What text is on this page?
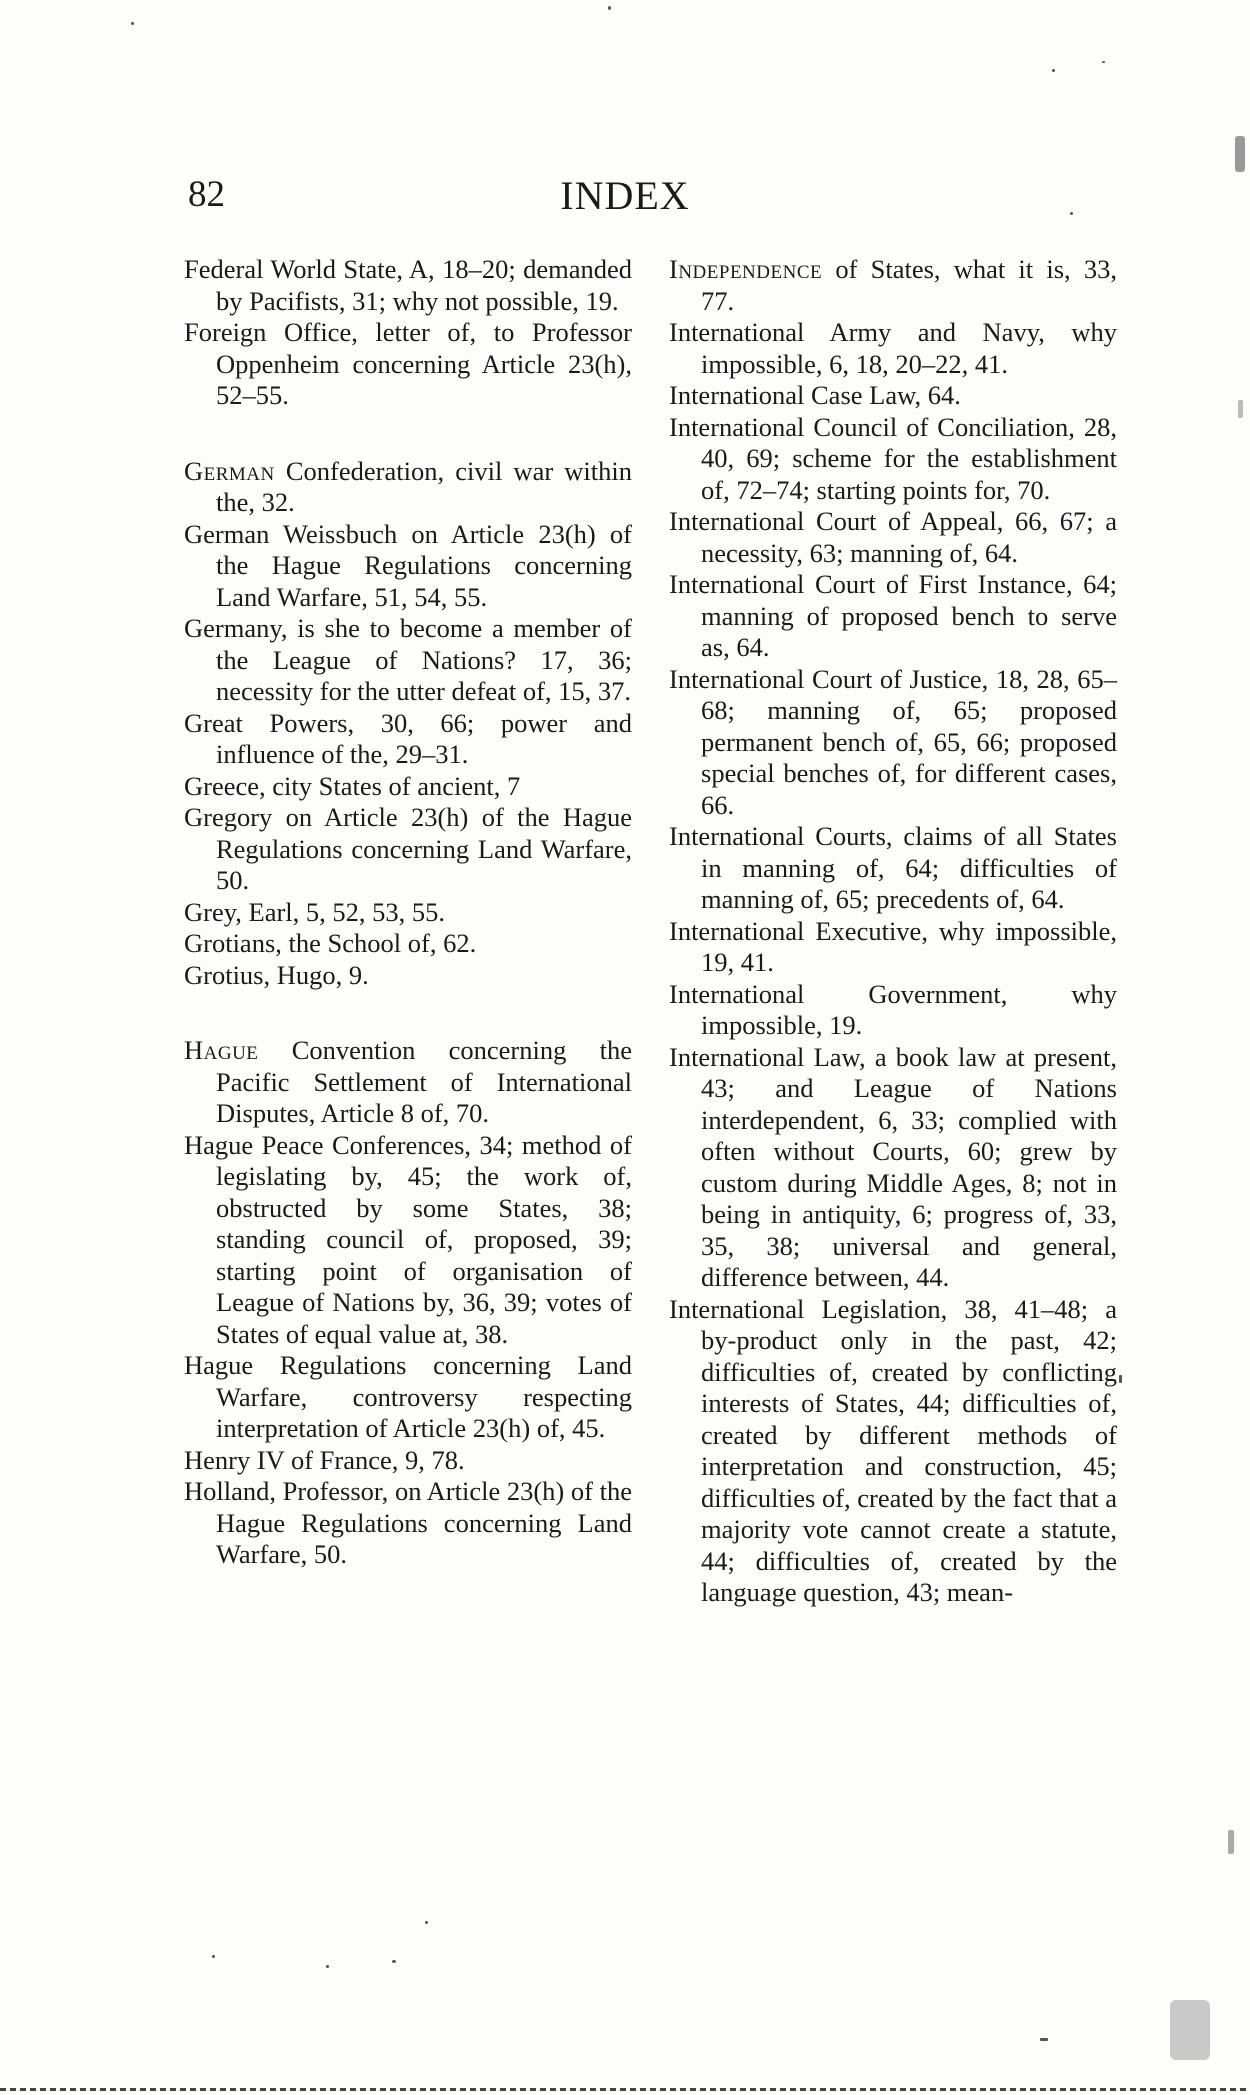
82	INDEX

Federal World State, A, 18–20; demanded by Pacifists, 31; why not possible, 19.

Foreign Office, letter of, to Professor Oppenheim concerning Article 23(h), 52–55.

German Confederation, civil war within the, 32.

German Weissbuch on Article 23(h) of the Hague Regulations concerning Land Warfare, 51, 54, 55.

Germany, is she to become a member of the League of Nations? 17, 36; necessity for the utter defeat of, 15, 37.

Great Powers, 30, 66; power and influence of the, 29–31.

Greece, city States of ancient, 7

Gregory on Article 23(h) of the Hague Regulations concerning Land Warfare, 50.

Grey, Earl, 5, 52, 53, 55.

Grotians, the School of, 62.

Grotius, Hugo, 9.

Hague Convention concerning the Pacific Settlement of International Disputes, Article 8 of, 70.

Hague Peace Conferences, 34; method of legislating by, 45; the work of, obstructed by some States, 38; standing council of, proposed, 39; starting point of organisation of League of Nations by, 36, 39; votes of States of equal value at, 38.

Hague Regulations concerning Land Warfare, controversy respecting interpretation of Article 23(h) of, 45.

Henry IV of France, 9, 78.

Holland, Professor, on Article 23(h) of the Hague Regulations concerning Land Warfare, 50.

Independence of States, what it is, 33, 77.

International Army and Navy, why impossible, 6, 18, 20–22, 41.

International Case Law, 64.

International Council of Conciliation, 28, 40, 69; scheme for the establishment of, 72–74; starting points for, 70.

International Court of Appeal, 66, 67; a necessity, 63; manning of, 64.

International Court of First Instance, 64; manning of proposed bench to serve as, 64.

International Court of Justice, 18, 28, 65–68; manning of, 65; proposed permanent bench of, 65, 66; proposed special benches of, for different cases, 66.

International Courts, claims of all States in manning of, 64; difficulties of manning of, 65; precedents of, 64.

International Executive, why impossible, 19, 41.

International Government, why impossible, 19.

International Law, a book law at present, 43; and League of Nations interdependent, 6, 33; complied with often without Courts, 60; grew by custom during Middle Ages, 8; not in being in antiquity, 6; progress of, 33, 35, 38; universal and general, difference between, 44.

International Legislation, 38, 41–48; a by-product only in the past, 42; difficulties of, created by conflicting interests of States, 44; difficulties of, created by different methods of interpretation and construction, 45; difficulties of, created by the fact that a majority vote cannot create a statute, 44; difficulties of, created by the language question, 43; mean-
